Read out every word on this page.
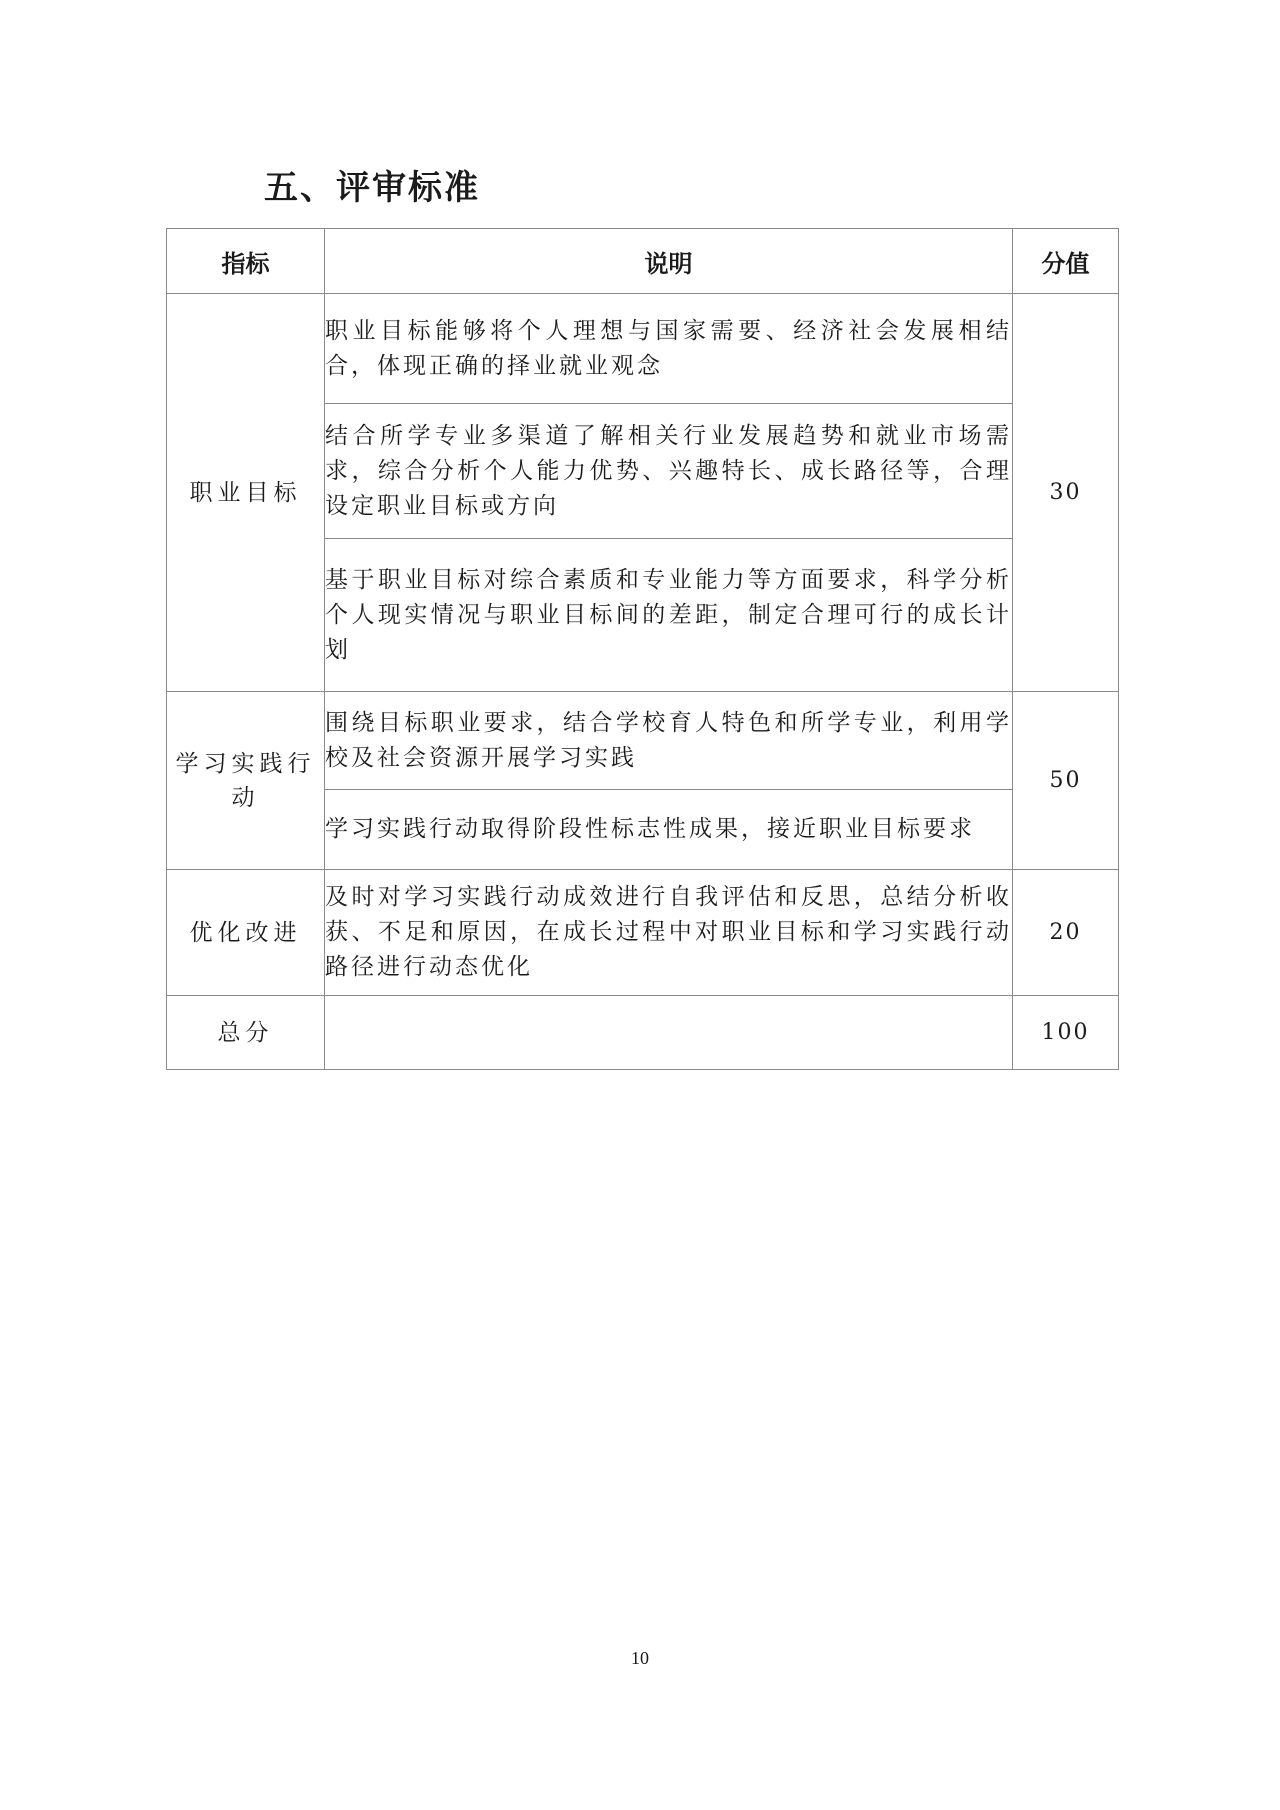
五、评审标准
指标	说明	分值
职业目标	职业目标能够将个人理想与国家需要、经济社会发展相结合，体现正确的择业就业观念	30
	结合所学专业多渠道了解相关行业发展趋势和就业市场需求，综合分析个人能力优势、兴趣特长、成长路径等，合理设定职业目标或方向	
	基于职业目标对综合素质和专业能力等方面要求，科学分析个人现实情况与职业目标间的差距，制定合理可行的成长计划	
学习实践行动	围绕目标职业要求，结合学校育人特色和所学专业，利用学校及社会资源开展学习实践	50
	学习实践行动取得阶段性标志性成果，接近职业目标要求	
优化改进	及时对学习实践行动成效进行自我评估和反思，总结分析收获、不足和原因，在成长过程中对职业目标和学习实践行动路径进行动态优化	20
总分		100
10
